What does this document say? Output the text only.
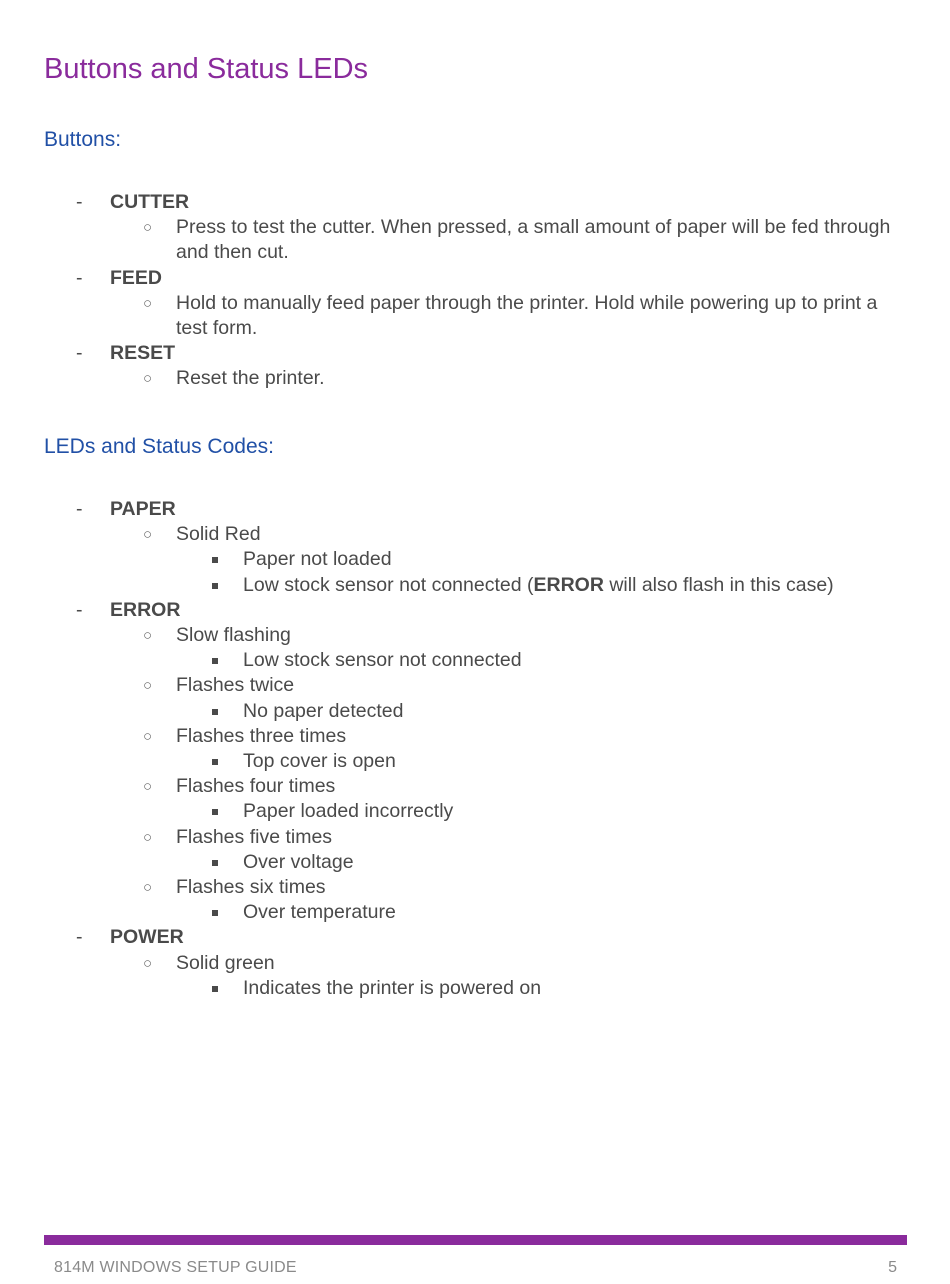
Buttons and Status LEDs
Buttons:
- CUTTER
○ Press to test the cutter. When pressed, a small amount of paper will be fed through and then cut.
- FEED
○ Hold to manually feed paper through the printer. Hold while powering up to print a test form.
- RESET
○ Reset the printer.
LEDs and Status Codes:
- PAPER
○ Solid Red
Paper not loaded
Low stock sensor not connected (ERROR will also flash in this case)
- ERROR
○ Slow flashing
Low stock sensor not connected
○ Flashes twice
No paper detected
○ Flashes three times
Top cover is open
○ Flashes four times
Paper loaded incorrectly
○ Flashes five times
Over voltage
○ Flashes six times
Over temperature
- POWER
○ Solid green
Indicates the printer is powered on
814M WINDOWS SETUP GUIDE	5
